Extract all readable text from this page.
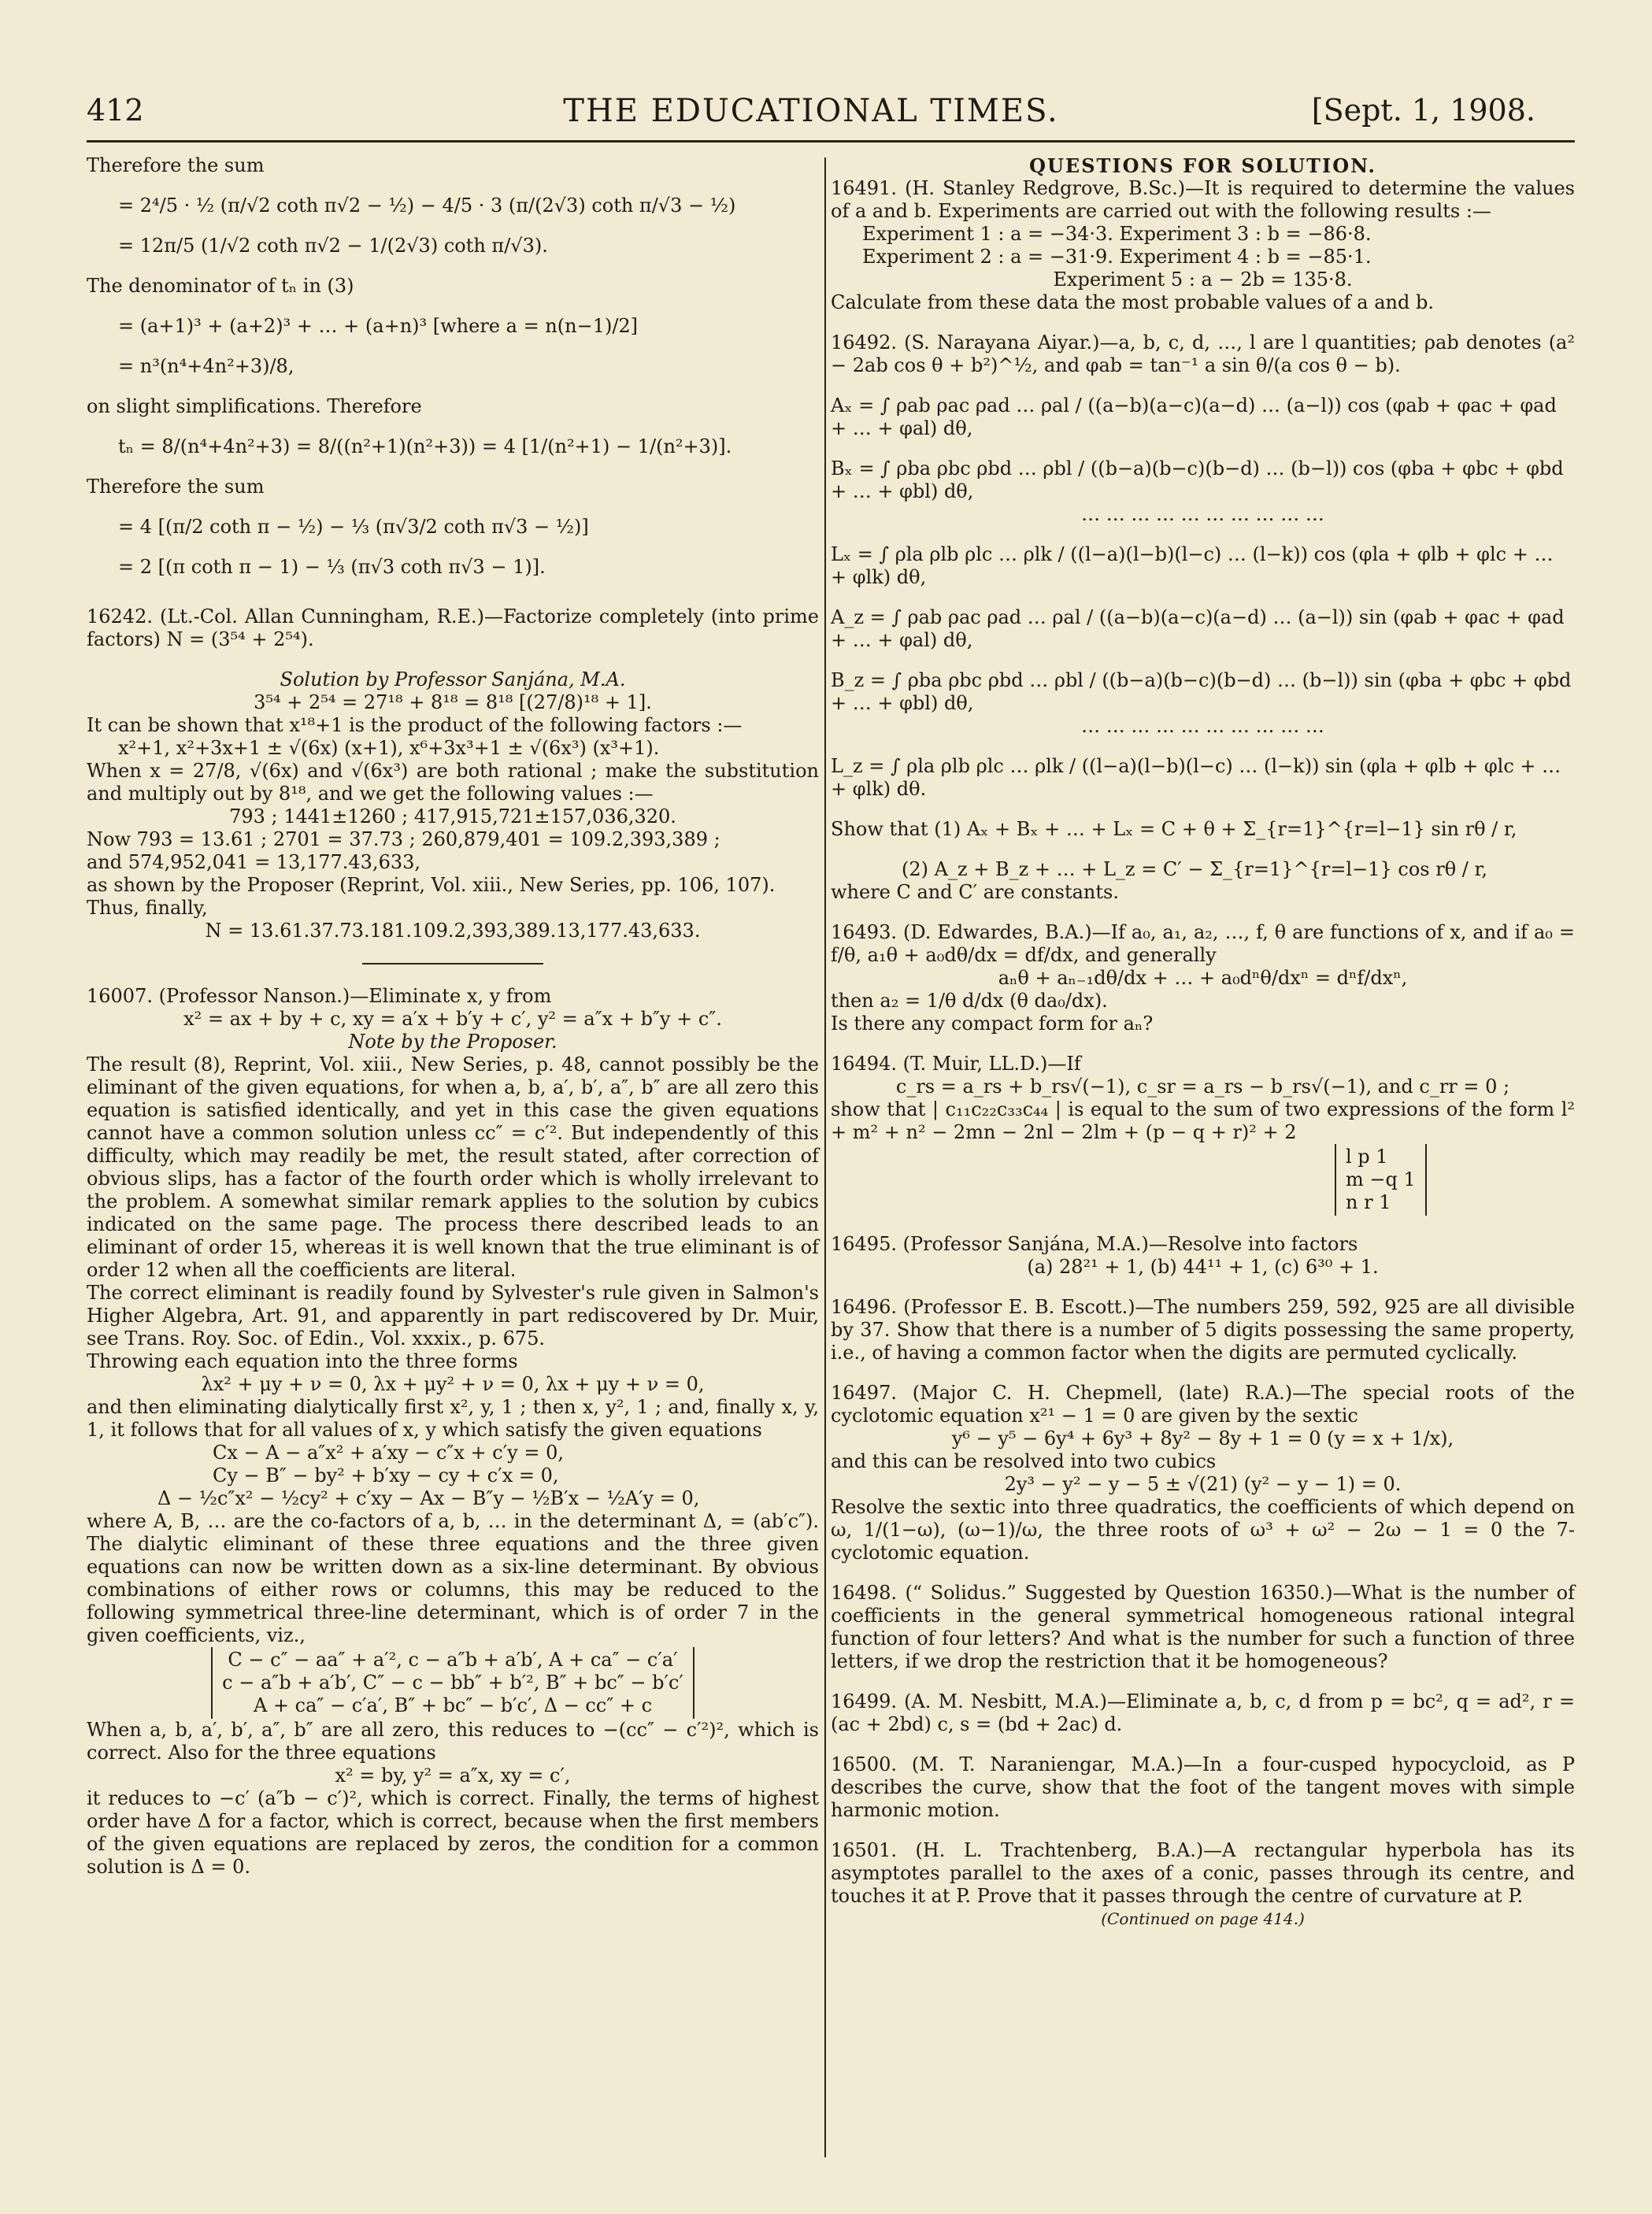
412	THE EDUCATIONAL TIMES.	[Sept. 1, 1908.

Therefore the sum

= 2⁴/5 · ½ (π/√2 coth π√2 − ½) − 4/5 · 3 (π/(2√3) coth π/√3 − ½)

= 12π/5 (1/√2 coth π√2 − 1/(2√3) coth π/√3).

The denominator of tₙ in (3)

= (a+1)³ + (a+2)³ + … + (a+n)³ [where a = n(n−1)/2]

= n³(n⁴+4n²+3)/8,

on slight simplifications. Therefore

tₙ = 8/(n⁴+4n²+3) = 8/((n²+1)(n²+3)) = 4 [1/(n²+1) − 1/(n²+3)].

Therefore the sum

= 4 [(π/2 coth π − ½) − ⅓ (π√3/2 coth π√3 − ½)]

= 2 [(π coth π − 1) − ⅓ (π√3 coth π√3 − 1)].

16242. (Lt.-Col. Allan Cunningham, R.E.)—Factorize completely (into prime factors) N = (3⁵⁴ + 2⁵⁴).

Solution by Professor Sanjána, M.A.

3⁵⁴ + 2⁵⁴ = 27¹⁸ + 8¹⁸ = 8¹⁸ [(27/8)¹⁸ + 1].

It can be shown that x¹⁸+1 is the product of the following factors :—

x²+1, x²+3x+1 ± √(6x) (x+1), x⁶+3x³+1 ± √(6x³) (x³+1).

When x = 27/8, √(6x) and √(6x³) are both rational ; make the substitution and multiply out by 8¹⁸, and we get the following values :—

793 ; 1441±1260 ; 417,915,721±157,036,320.

Now 793 = 13.61 ; 2701 = 37.73 ; 260,879,401 = 109.2,393,389 ;

and 574,952,041 = 13,177.43,633,

as shown by the Proposer (Reprint, Vol. xiii., New Series, pp. 106, 107). Thus, finally,

N = 13.61.37.73.181.109.2,393,389.13,177.43,633.

16007. (Professor Nanson.)—Eliminate x, y from

x² = ax + by + c, xy = a′x + b′y + c′, y² = a″x + b″y + c″.

Note by the Proposer.

The result (8), Reprint, Vol. xiii., New Series, p. 48, cannot possibly be the eliminant of the given equations, for when a, b, a′, b′, a″, b″ are all zero this equation is satisfied identically, and yet in this case the given equations cannot have a common solution unless cc″ = c′². But independently of this difficulty, which may readily be met, the result stated, after correction of obvious slips, has a factor of the fourth order which is wholly irrelevant to the problem. A somewhat similar remark applies to the solution by cubics indicated on the same page. The process there described leads to an eliminant of order 15, whereas it is well known that the true eliminant is of order 12 when all the coefficients are literal.

The correct eliminant is readily found by Sylvester's rule given in Salmon's Higher Algebra, Art. 91, and apparently in part rediscovered by Dr. Muir, see Trans. Roy. Soc. of Edin., Vol. xxxix., p. 675.

Throwing each equation into the three forms

λx² + μy + ν = 0, λx + μy² + ν = 0, λx + μy + ν = 0,

and then eliminating dialytically first x², y, 1 ; then x, y², 1 ; and, finally x, y, 1, it follows that for all values of x, y which satisfy the given equations

Cx − A − a″x² + a′xy − c″x + c′y = 0,

Cy − B″ − by² + b′xy − cy + c′x = 0,

Δ − ½c″x² − ½cy² + c′xy − Ax − B″y − ½B′x − ½A′y = 0,

where A, B, … are the co-factors of a, b, … in the determinant Δ, = (ab′c″). The dialytic eliminant of these three equations and the three given equations can now be written down as a six-line determinant. By obvious combinations of either rows or columns, this may be reduced to the following symmetrical three-line determinant, which is of order 7 in the given coefficients, viz.,

C − c″ − aa″ + a′², c − a″b + a′b′, A + ca″ − c′a′

c − a″b + a′b′, C″ − c − bb″ + b′², B″ + bc″ − b′c′

A + ca″ − c′a′, B″ + bc″ − b′c′, Δ − cc″ + c

When a, b, a′, b′, a″, b″ are all zero, this reduces to −(cc″ − c′²)², which is correct. Also for the three equations

x² = by, y² = a″x, xy = c′,

it reduces to −c′ (a″b − c′)², which is correct. Finally, the terms of highest order have Δ for a factor, which is correct, because when the first members of the given equations are replaced by zeros, the condition for a common solution is Δ = 0.

QUESTIONS FOR SOLUTION.

16491. (H. Stanley Redgrove, B.Sc.)—It is required to determine the values of a and b. Experiments are carried out with the following results :—

Experiment 1 : a = −34·3. Experiment 3 : b = −86·8.

Experiment 2 : a = −31·9. Experiment 4 : b = −85·1.

Experiment 5 : a − 2b = 135·8.

Calculate from these data the most probable values of a and b.

16492. (S. Narayana Aiyar.)—a, b, c, d, …, l are l quantities; ρab denotes (a² − 2ab cos θ + b²)^½, and φab = tan⁻¹ a sin θ/(a cos θ − b).

Aₓ = ∫ ρab ρac ρad … ρal / ((a−b)(a−c)(a−d) … (a−l)) cos (φab + φac + φad + … + φal) dθ,

Bₓ = ∫ ρba ρbc ρbd … ρbl / ((b−a)(b−c)(b−d) … (b−l)) cos (φba + φbc + φbd + … + φbl) dθ,

… … … … … … … … … …

Lₓ = ∫ ρla ρlb ρlc … ρlk / ((l−a)(l−b)(l−c) … (l−k)) cos (φla + φlb + φlc + … + φlk) dθ,

A_z = ∫ ρab ρac ρad … ρal / ((a−b)(a−c)(a−d) … (a−l)) sin (φab + φac + φad + … + φal) dθ,

B_z = ∫ ρba ρbc ρbd … ρbl / ((b−a)(b−c)(b−d) … (b−l)) sin (φba + φbc + φbd + … + φbl) dθ,

… … … … … … … … … …

L_z = ∫ ρla ρlb ρlc … ρlk / ((l−a)(l−b)(l−c) … (l−k)) sin (φla + φlb + φlc + … + φlk) dθ.

Show that (1) Aₓ + Bₓ + … + Lₓ = C + θ + Σ_{r=1}^{r=l−1} sin rθ / r,

(2) A_z + B_z + … + L_z = C′ − Σ_{r=1}^{r=l−1} cos rθ / r,

where C and C′ are constants.

16493. (D. Edwardes, B.A.)—If a₀, a₁, a₂, …, f, θ are functions of x, and if a₀ = f/θ, a₁θ + a₀dθ/dx = df/dx, and generally

aₙθ + aₙ₋₁dθ/dx + … + a₀dⁿθ/dxⁿ = dⁿf/dxⁿ,

then a₂ = 1/θ d/dx (θ da₀/dx).

Is there any compact form for aₙ?

16494. (T. Muir, LL.D.)—If

c_rs = a_rs + b_rs√(−1), c_sr = a_rs − b_rs√(−1), and c_rr = 0 ;

show that | c₁₁c₂₂c₃₃c₄₄ | is equal to the sum of two expressions of the form l² + m² + n² − 2mn − 2nl − 2lm + (p − q + r)² + 2

l p 1

m −q 1

n r 1

16495. (Professor Sanjána, M.A.)—Resolve into factors

(a) 28²¹ + 1, (b) 44¹¹ + 1, (c) 6³⁰ + 1.

16496. (Professor E. B. Escott.)—The numbers 259, 592, 925 are all divisible by 37. Show that there is a number of 5 digits possessing the same property, i.e., of having a common factor when the digits are permuted cyclically.

16497. (Major C. H. Chepmell, (late) R.A.)—The special roots of the cyclotomic equation x²¹ − 1 = 0 are given by the sextic

y⁶ − y⁵ − 6y⁴ + 6y³ + 8y² − 8y + 1 = 0 (y = x + 1/x),

and this can be resolved into two cubics

2y³ − y² − y − 5 ± √(21) (y² − y − 1) = 0.

Resolve the sextic into three quadratics, the coefficients of which depend on ω, 1/(1−ω), (ω−1)/ω, the three roots of ω³ + ω² − 2ω − 1 = 0 the 7-cyclotomic equation.

16498. (“ Solidus.” Suggested by Question 16350.)—What is the number of coefficients in the general symmetrical homogeneous rational integral function of four letters? And what is the number for such a function of three letters, if we drop the restriction that it be homogeneous?

16499. (A. M. Nesbitt, M.A.)—Eliminate a, b, c, d from p = bc², q = ad², r = (ac + 2bd) c, s = (bd + 2ac) d.

16500. (M. T. Naraniengar, M.A.)—In a four-cusped hypocycloid, as P describes the curve, show that the foot of the tangent moves with simple harmonic motion.

16501. (H. L. Trachtenberg, B.A.)—A rectangular hyperbola has its asymptotes parallel to the axes of a conic, passes through its centre, and touches it at P. Prove that it passes through the centre of curvature at P.

(Continued on page 414.)
